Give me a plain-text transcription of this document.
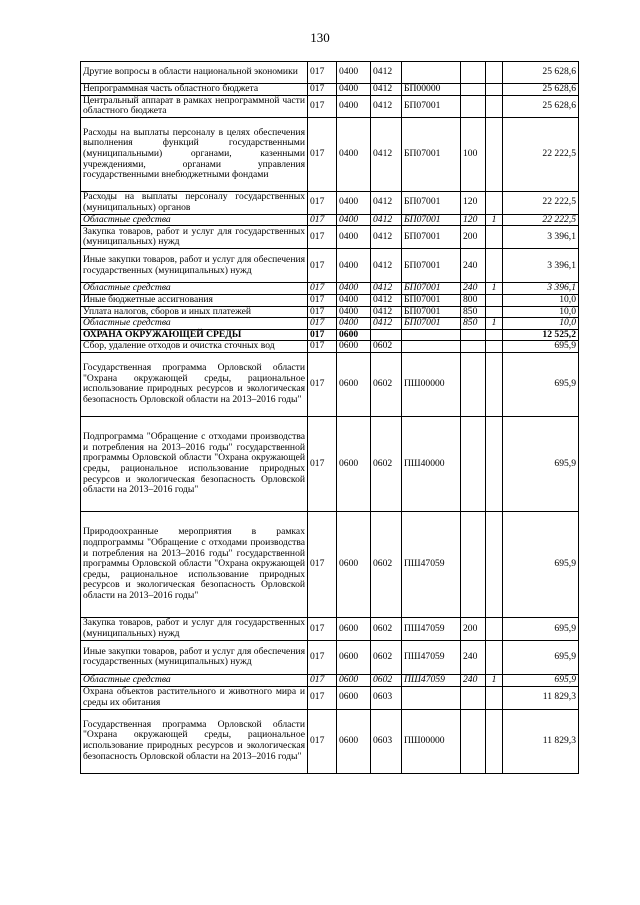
130
Другие вопросы в области национальной экономики	017	0400	0412				25 628,6
Непрограммная часть областного бюджета	017	0400	0412	БП00000			25 628,6
Центральный аппарат в рамках непрограммной части областного бюджета	017	0400	0412	БП07001			25 628,6
Расходы на выплаты персоналу в целях обеспечения выполнения функций государственными (муниципальными) органами, казенными учреждениями, органами управления государственными внебюджетными фондами	017	0400	0412	БП07001	100		22 222,5
Расходы на выплаты персоналу государственных (муниципальных) органов	017	0400	0412	БП07001	120		22 222,5
Областные средства	017	0400	0412	БП07001	120	1	22 222,5
Закупка товаров, работ и услуг для государственных (муниципальных) нужд	017	0400	0412	БП07001	200		3 396,1
Иные закупки товаров, работ и услуг для обеспечения государственных (муниципальных) нужд	017	0400	0412	БП07001	240		3 396,1
Областные средства	017	0400	0412	БП07001	240	1	3 396,1
Иные бюджетные ассигнования	017	0400	0412	БП07001	800		10,0
Уплата налогов, сборов и иных платежей	017	0400	0412	БП07001	850		10,0
Областные средства	017	0400	0412	БП07001	850	1	10,0
ОХРАНА ОКРУЖАЮЩЕЙ СРЕДЫ	017	0600					12 525,2
Сбор, удаление отходов и очистка сточных вод	017	0600	0602				695,9
Государственная программа Орловской области "Охрана окружающей среды, рациональное использование природных ресурсов и экологическая безопасность Орловской области на 2013–2016 годы"	017	0600	0602	ПШ00000			695,9
Подпрограмма "Обращение с отходами производства и потребления на 2013–2016 годы" государственной программы Орловской области "Охрана окружающей среды, рациональное использование природных ресурсов и экологическая безопасность Орловской области на 2013–2016 годы"	017	0600	0602	ПШ40000			695,9
Природоохранные мероприятия в рамках подпрограммы "Обращение с отходами производства и потребления на 2013–2016 годы" государственной программы Орловской области "Охрана окружающей среды, рациональное использование природных ресурсов и экологическая безопасность Орловской области на 2013–2016 годы"	017	0600	0602	ПШ47059			695,9
Закупка товаров, работ и услуг для государственных (муниципальных) нужд	017	0600	0602	ПШ47059	200		695,9
Иные закупки товаров, работ и услуг для обеспечения государственных (муниципальных) нужд	017	0600	0602	ПШ47059	240		695,9
Областные средства	017	0600	0602	ПШ47059	240	1	695,9
Охрана объектов растительного и животного мира и среды их обитания	017	0600	0603				11 829,3
Государственная программа Орловской области "Охрана окружающей среды, рациональное использование природных ресурсов и экологическая безопасность Орловской области на 2013–2016 годы"	017	0600	0603	ПШ00000			11 829,3
